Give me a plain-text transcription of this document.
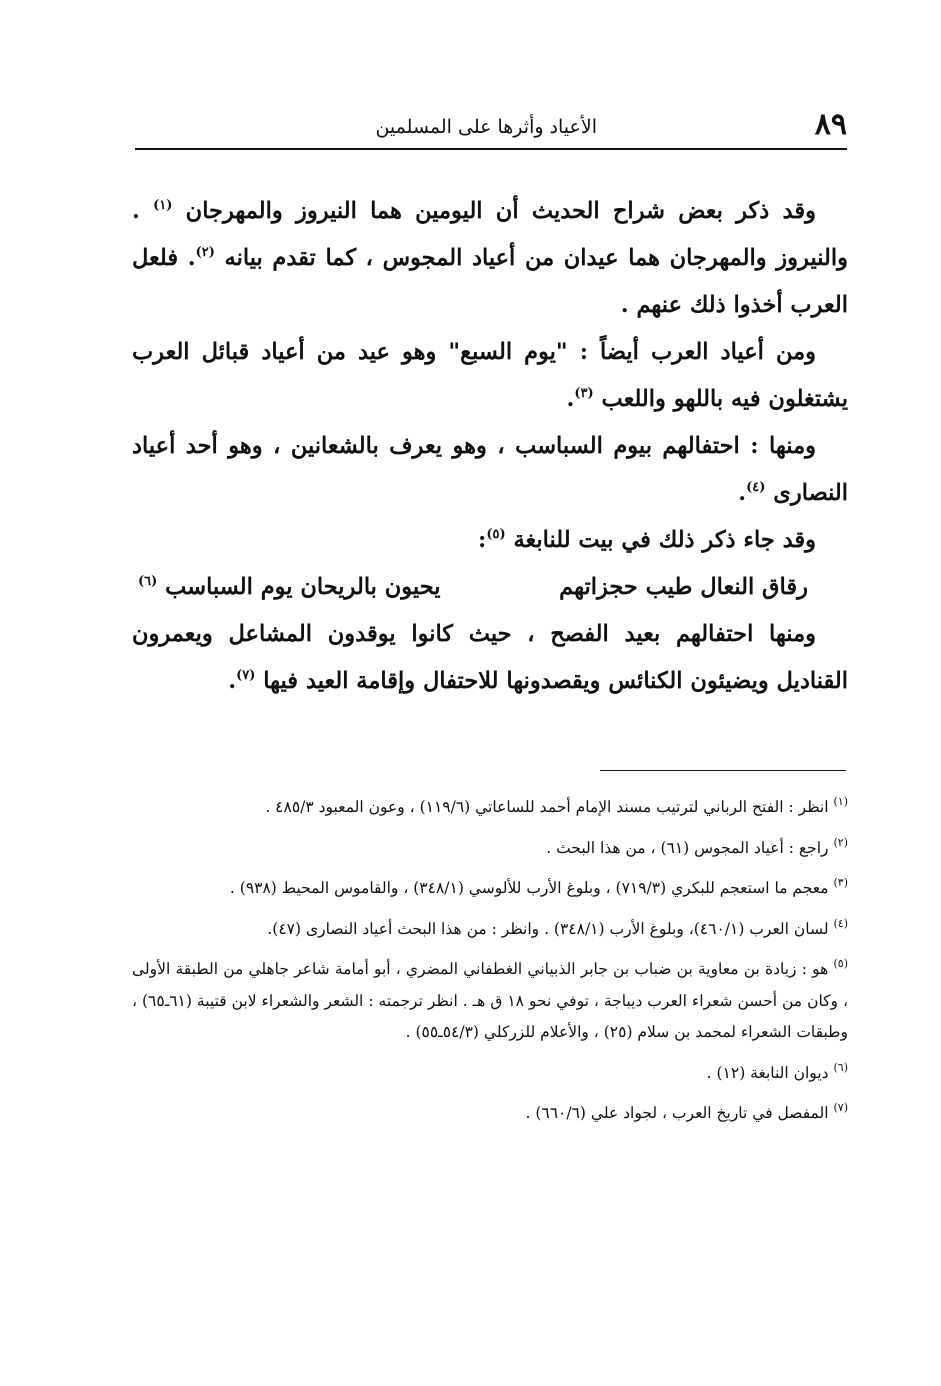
٨٩
الأعياد وأثرها على المسلمين

وقد ذكر بعض شراح الحديث أن اليومين هما النيروز والمهرجان $^{(١)}$ . والنيروز والمهرجان هما عيدان من أعياد المجوس ، كما تقدم بيانه $^{(٢)}$. فلعل العرب أخذوا ذلك عنهم .

ومن أعياد العرب أيضاً : "يوم السبع" وهو عيد من أعياد قبائل العرب يشتغلون فيه باللهو واللعب $^{(٣)}$.

ومنها : احتفالهم بيوم السباسب ، وهو يعرف بالشعانين ، وهو أحد أعياد النصارى $^{(٤)}$.

وقد جاء ذكر ذلك في بيت للنابغة $^{(٥)}$:

رقاق النعال طيب حجزاتهم
يحيون بالريحان يوم السباسب $^{(٦)}$

ومنها احتفالهم بعيد الفصح ، حيث كانوا يوقدون المشاعل ويعمرون القناديل ويضيئون الكنائس ويقصدونها للاحتفال وإقامة العيد فيها $^{(٧)}$.

$^{(١)}$ انظر : الفتح الرباني لترتيب مسند الإمام أحمد للساعاتي (١١٩/٦) ، وعون المعبود ٤٨٥/٣ .

$^{(٢)}$ راجع : أعياد المجوس (٦١) ، من هذا البحث .

$^{(٣)}$ معجم ما استعجم للبكري (٧١٩/٣) ، وبلوغ الأرب للألوسي (٣٤٨/١) ، والقاموس المحيط (٩٣٨) .

$^{(٤)}$ لسان العرب (٤٦٠/١)، وبلوغ الأرب (٣٤٨/١) . وانظر : من هذا البحث أعياد النصارى (٤٧).

$^{(٥)}$ هو : زيادة بن معاوية بن ضباب بن جابر الذبياني الغطفاني المضري ، أبو أمامة شاعر جاهلي من الطبقة الأولى ، وكان من أحسن شعراء العرب ديباجة ، توفي نحو ١٨ ق هـ . انظر ترجمته : الشعر والشعراء لابن قتيبة (٦١ـ٦٥) ، وطبقات الشعراء لمحمد بن سلام (٢٥) ، والأعلام للزركلي (٥٤/٣ـ٥٥) .

$^{(٦)}$ ديوان النابغة (١٢) .

$^{(٧)}$ المفصل في تاريخ العرب ، لجواد علي (٦٦٠/٦) .
